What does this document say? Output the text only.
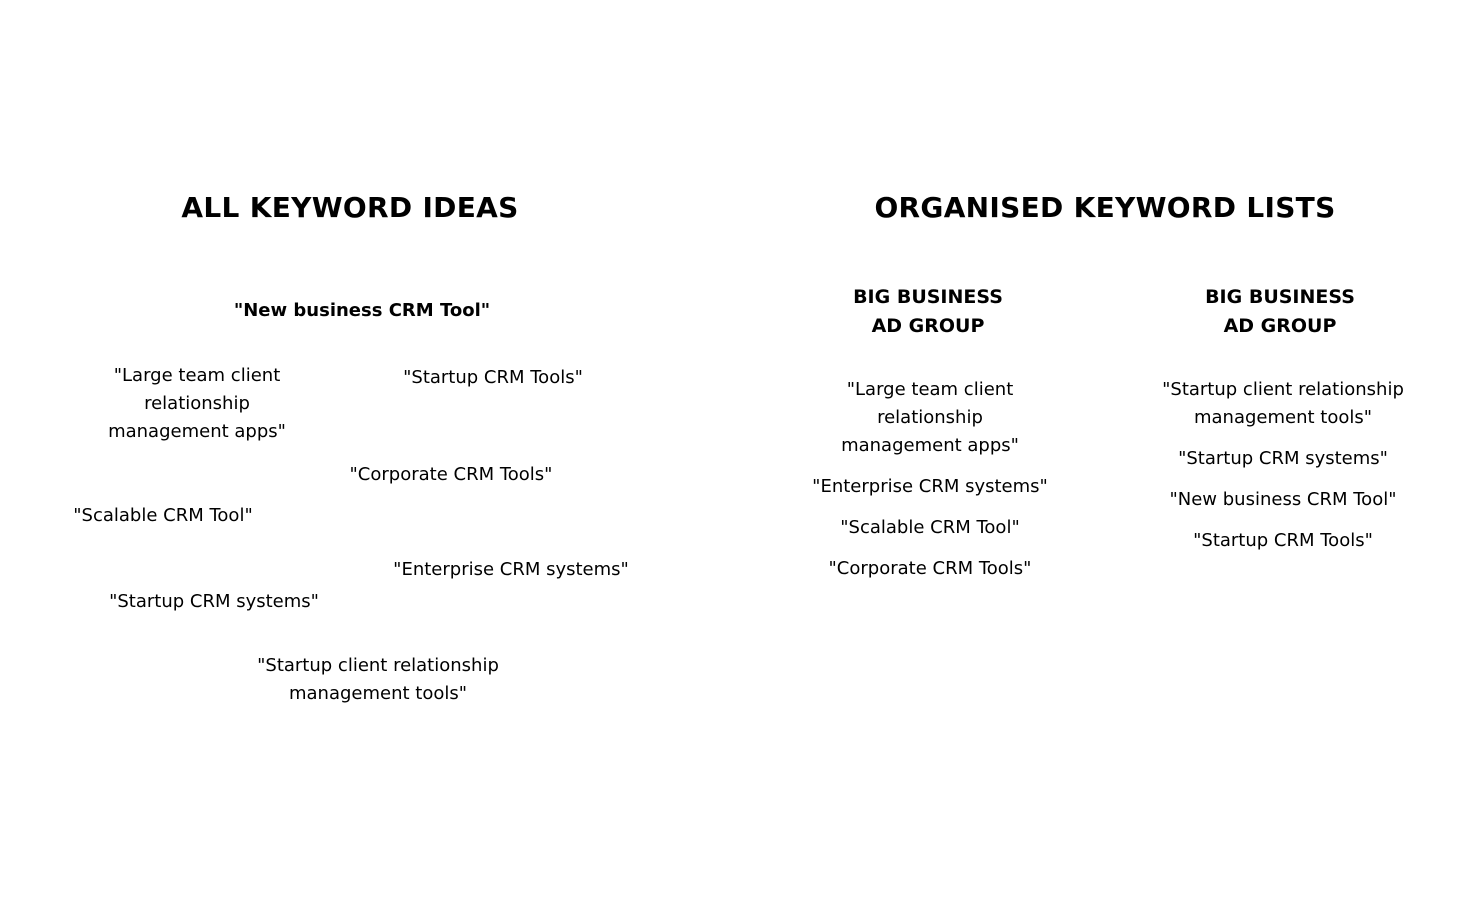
ALL KEYWORD IDEAS
"New business CRM Tool"
"Large team client relationship management apps"
"Startup CRM Tools"
"Corporate CRM Tools"
"Scalable CRM Tool"
"Enterprise CRM systems"
"Startup CRM systems"
"Startup client relationship management tools"
ORGANISED KEYWORD LISTS
BIG BUSINESS
AD GROUP
"Large team client relationship management apps"
"Enterprise CRM systems"
"Scalable CRM Tool"
"Corporate CRM Tools"
BIG BUSINESS
AD GROUP
"Startup client relationship management tools"
"Startup CRM systems"
"New business CRM Tool"
"Startup CRM Tools"
